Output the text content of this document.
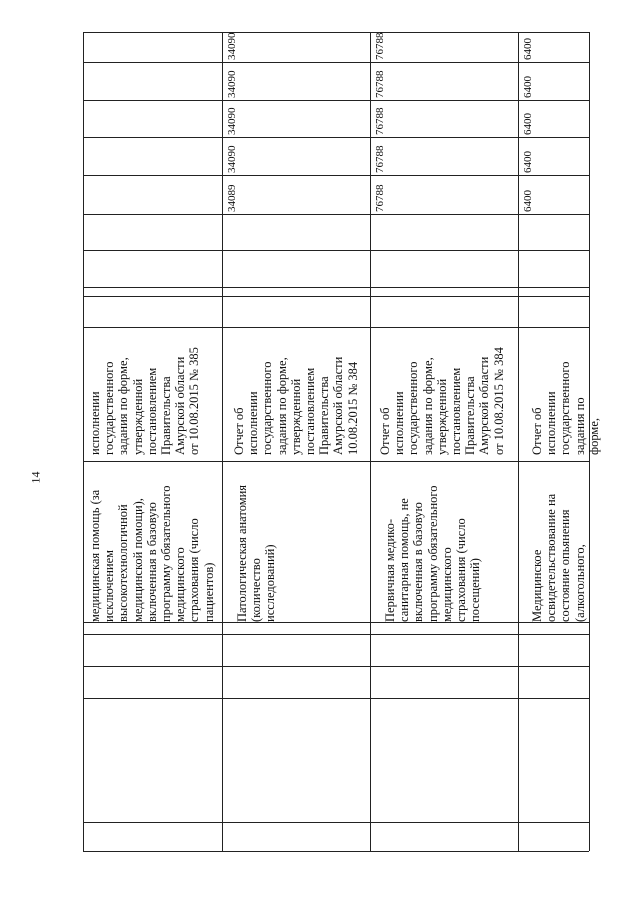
14
медицинская помощь (за
исключением
высокотехнологичной
медицинской помощи),
включенная в базовую
программу обязательного
медицинского
страхования (число
пациентов)
исполнении
государственного
задания по форме,
утвержденной
постановлением
Правительства
Амурской области
от 10.08.2015 № 385
Патологическая анатомия
(количество
исследований)
Отчет об
исполнении
государственного
задания по форме,
утвержденной
постановлением
Правительства
Амурской области
10.08.2015 № 384
Первичная медико-
санитарная помощь, не
включенная в базовую
программу обязательного
медицинского
страхования (число
посещений)
Отчет об
исполнении
государственного
задания по форме,
утвержденной
постановлением
Правительства
Амурской области
от 10.08.2015 № 384
Медицинское
освидетельствование на
состояние опьянения
(алкогольного,
Отчет об
исполнении
государственного
задания по форме,
34089
34090
34090
34090
34090
76788
76788
76788
76788
76788
6400
6400
6400
6400
6400
